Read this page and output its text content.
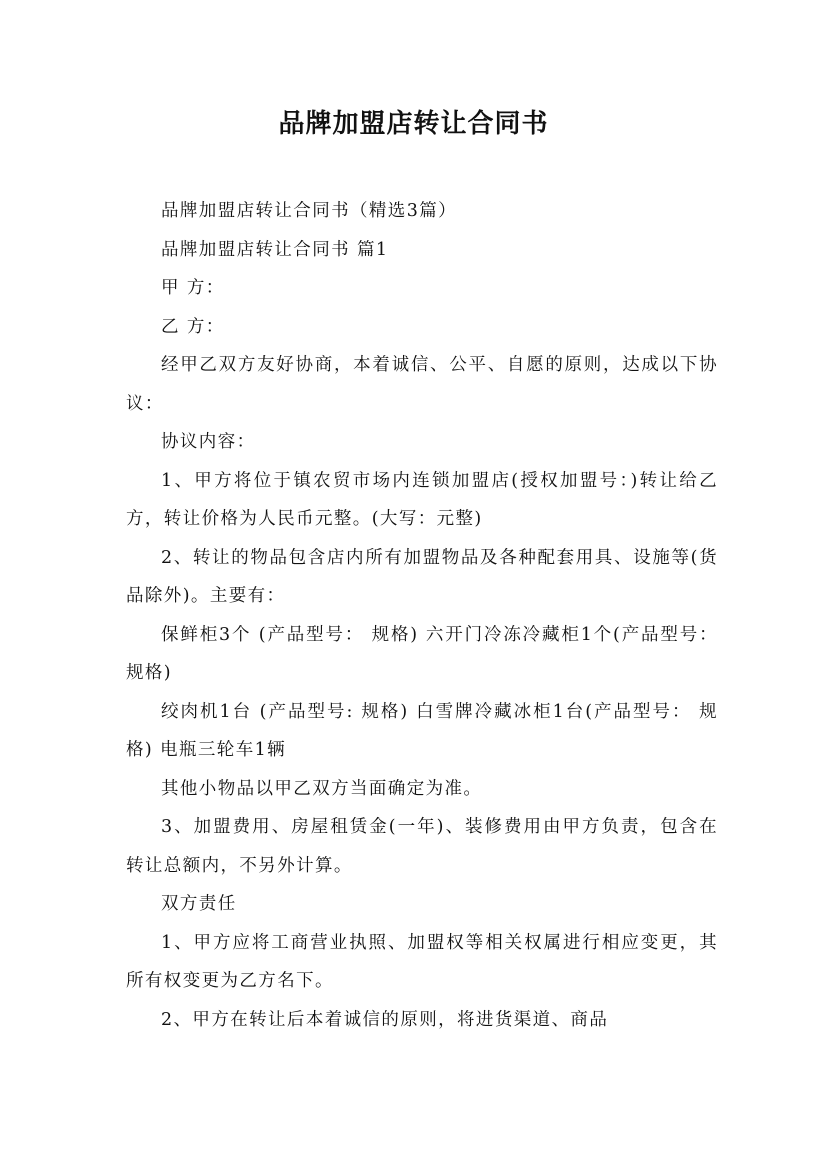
品牌加盟店转让合同书

品牌加盟店转让合同书（精选3篇）

品牌加盟店转让合同书 篇1

甲 方：

乙 方：

经甲乙双方友好协商，本着诚信、公平、自愿的原则，达成以下协议：

协议内容：

1、甲方将位于镇农贸市场内连锁加盟店(授权加盟号：)转让给乙方，转让价格为人民币元整。(大写：元整)

2、转让的物品包含店内所有加盟物品及各种配套用具、设施等(货品除外)。主要有：

保鲜柜3个 (产品型号： 规格) 六开门冷冻冷藏柜1个(产品型号： 规格)

绞肉机1台 (产品型号: 规格) 白雪牌冷藏冰柜1台(产品型号： 规格) 电瓶三轮车1辆

其他小物品以甲乙双方当面确定为准。

3、加盟费用、房屋租赁金(一年)、装修费用由甲方负责，包含在转让总额内，不另外计算。

双方责任

1、甲方应将工商营业执照、加盟权等相关权属进行相应变更，其所有权变更为乙方名下。

2、甲方在转让后本着诚信的原则，将进货渠道、商品
